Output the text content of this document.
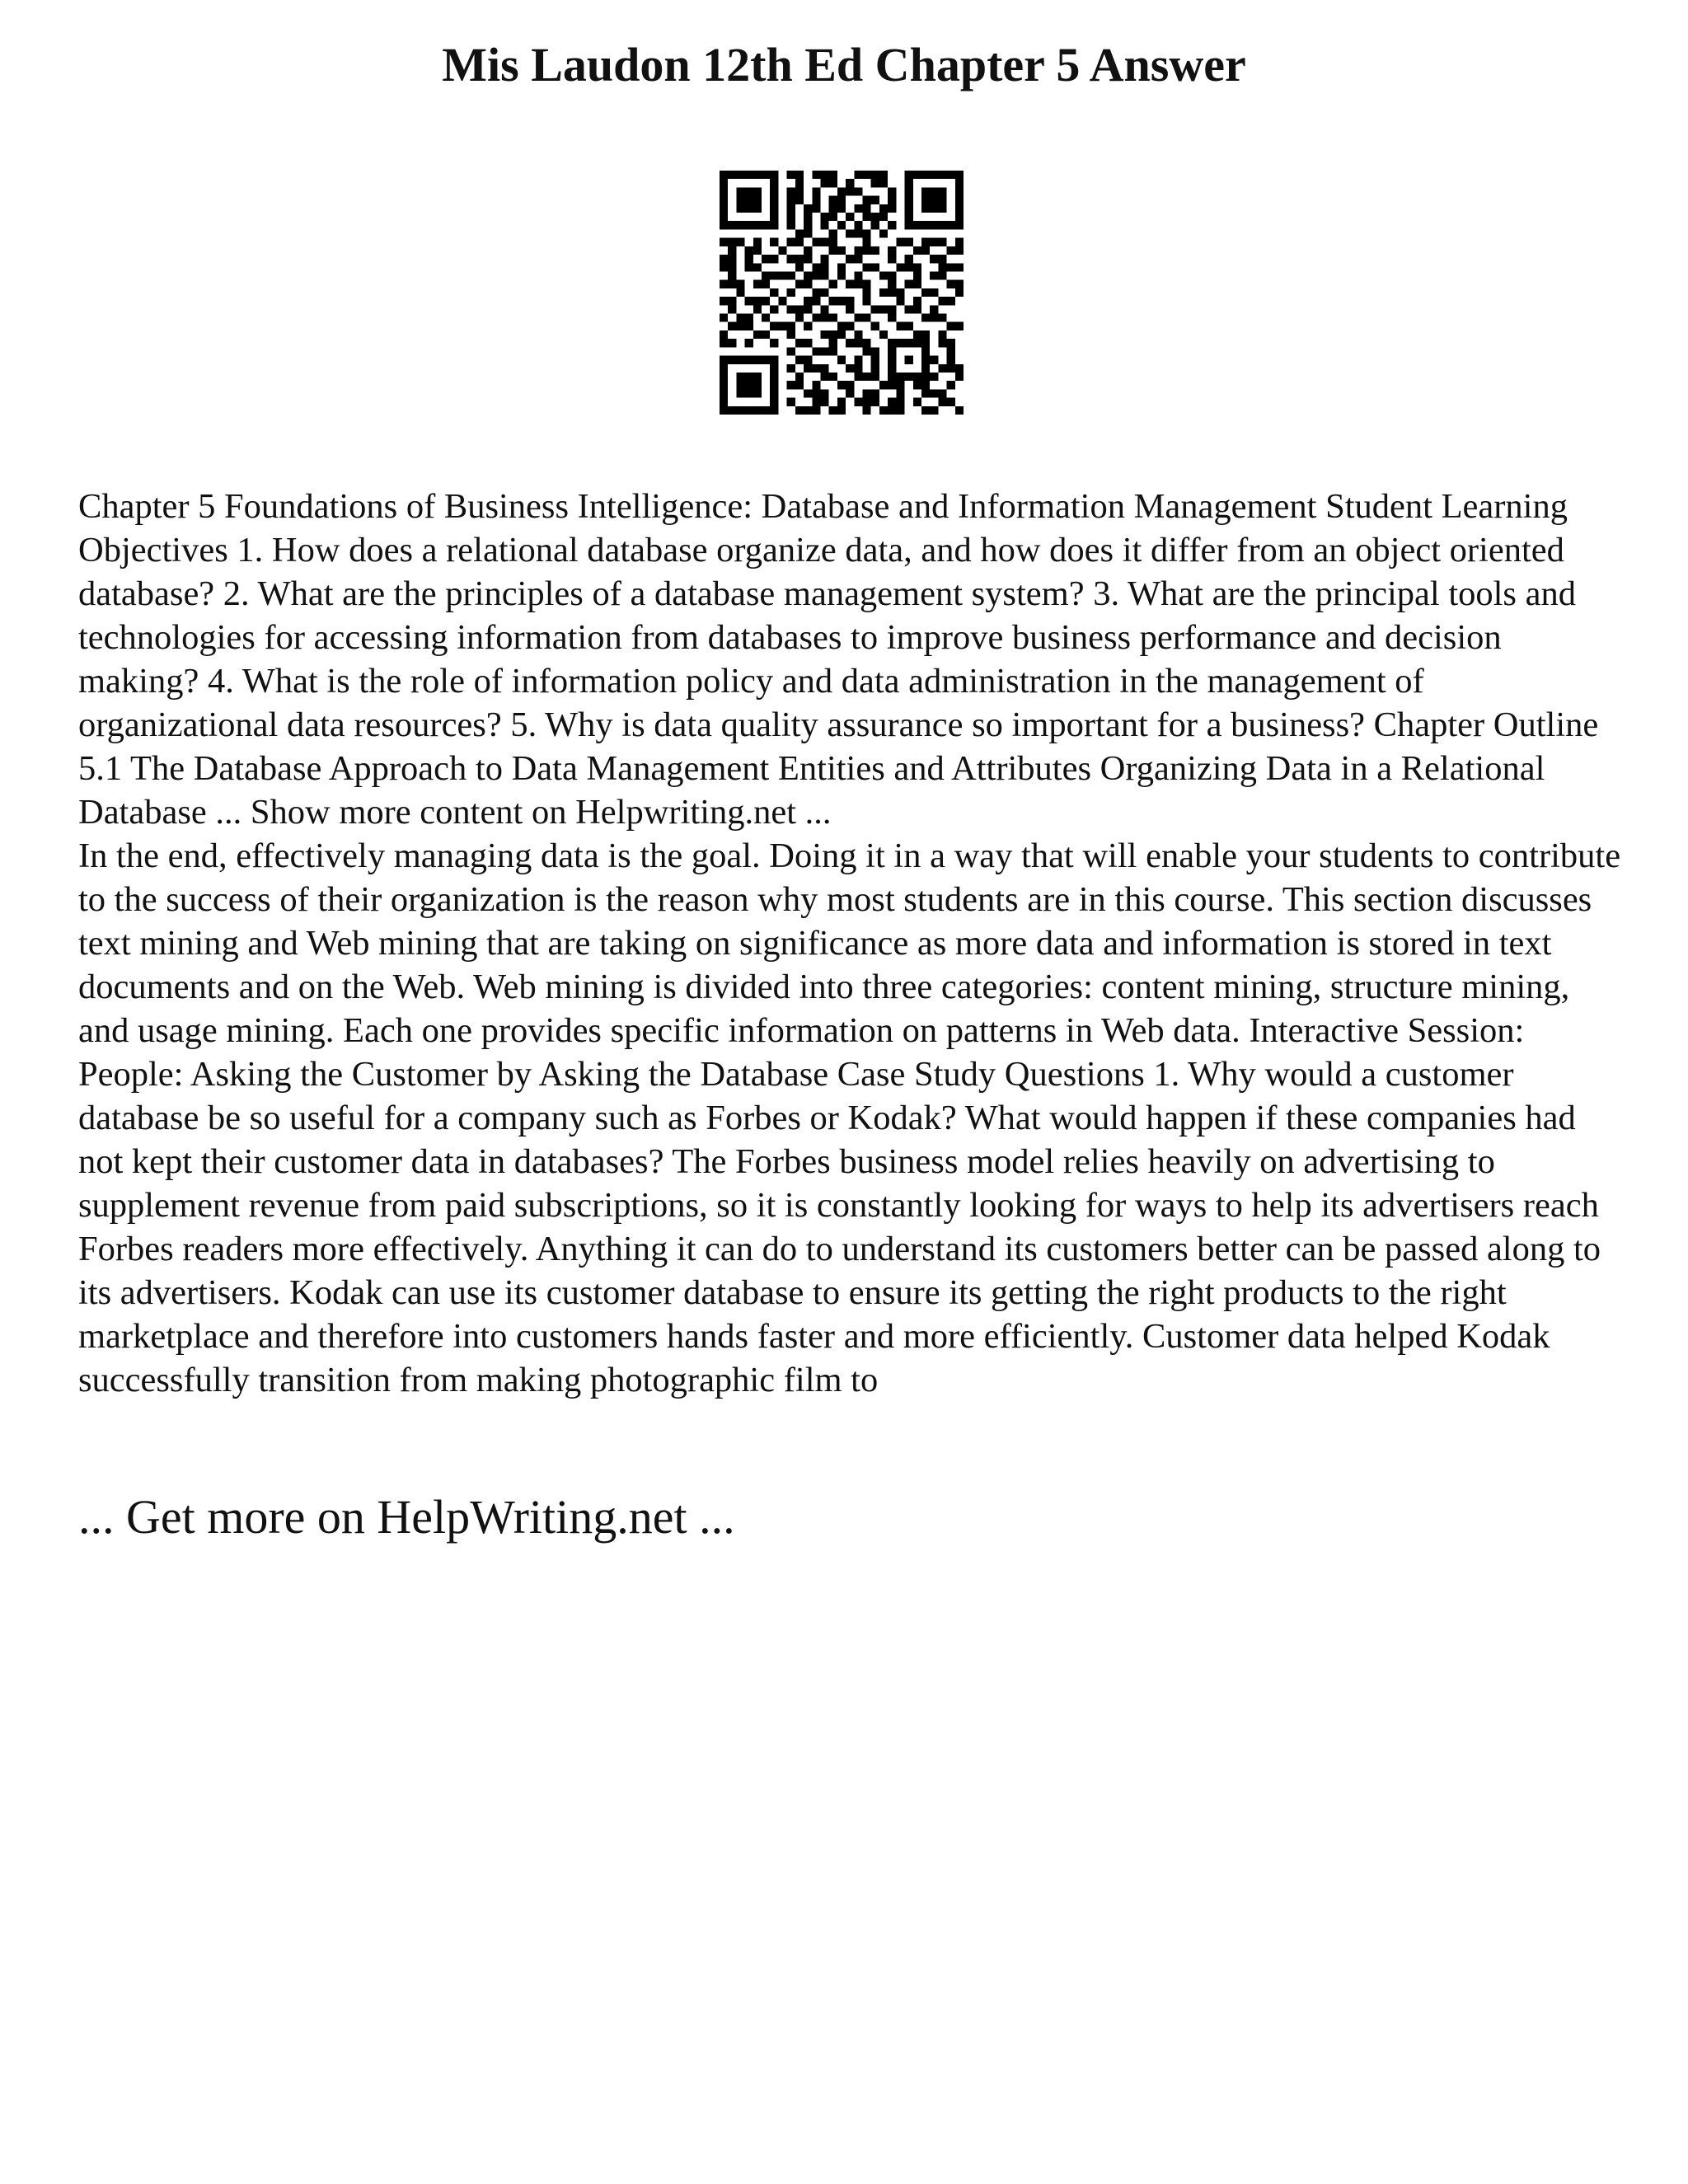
Mis Laudon 12th Ed Chapter 5 Answer

Chapter 5 Foundations of Business Intelligence: Database and Information Management Student Learning Objectives 1. How does a relational database organize data, and how does it differ from an object oriented database? 2. What are the principles of a database management system? 3. What are the principal tools and technologies for accessing information from databases to improve business performance and decision making? 4. What is the role of information policy and data administration in the management of organizational data resources? 5. Why is data quality assurance so important for a business? Chapter Outline 5.1 The Database Approach to Data Management Entities and Attributes Organizing Data in a Relational Database ... Show more content on Helpwriting.net ...

In the end, effectively managing data is the goal. Doing it in a way that will enable your students to contribute to the success of their organization is the reason why most students are in this course. This section discusses text mining and Web mining that are taking on significance as more data and information is stored in text documents and on the Web. Web mining is divided into three categories: content mining, structure mining, and usage mining. Each one provides specific information on patterns in Web data. Interactive Session: People: Asking the Customer by Asking the Database Case Study Questions 1. Why would a customer database be so useful for a company such as Forbes or Kodak? What would happen if these companies had not kept their customer data in databases? The Forbes business model relies heavily on advertising to supplement revenue from paid subscriptions, so it is constantly looking for ways to help its advertisers reach Forbes readers more effectively. Anything it can do to understand its customers better can be passed along to its advertisers. Kodak can use its customer database to ensure its getting the right products to the right marketplace and therefore into customers hands faster and more efficiently. Customer data helped Kodak successfully transition from making photographic film to

... Get more on HelpWriting.net ...
